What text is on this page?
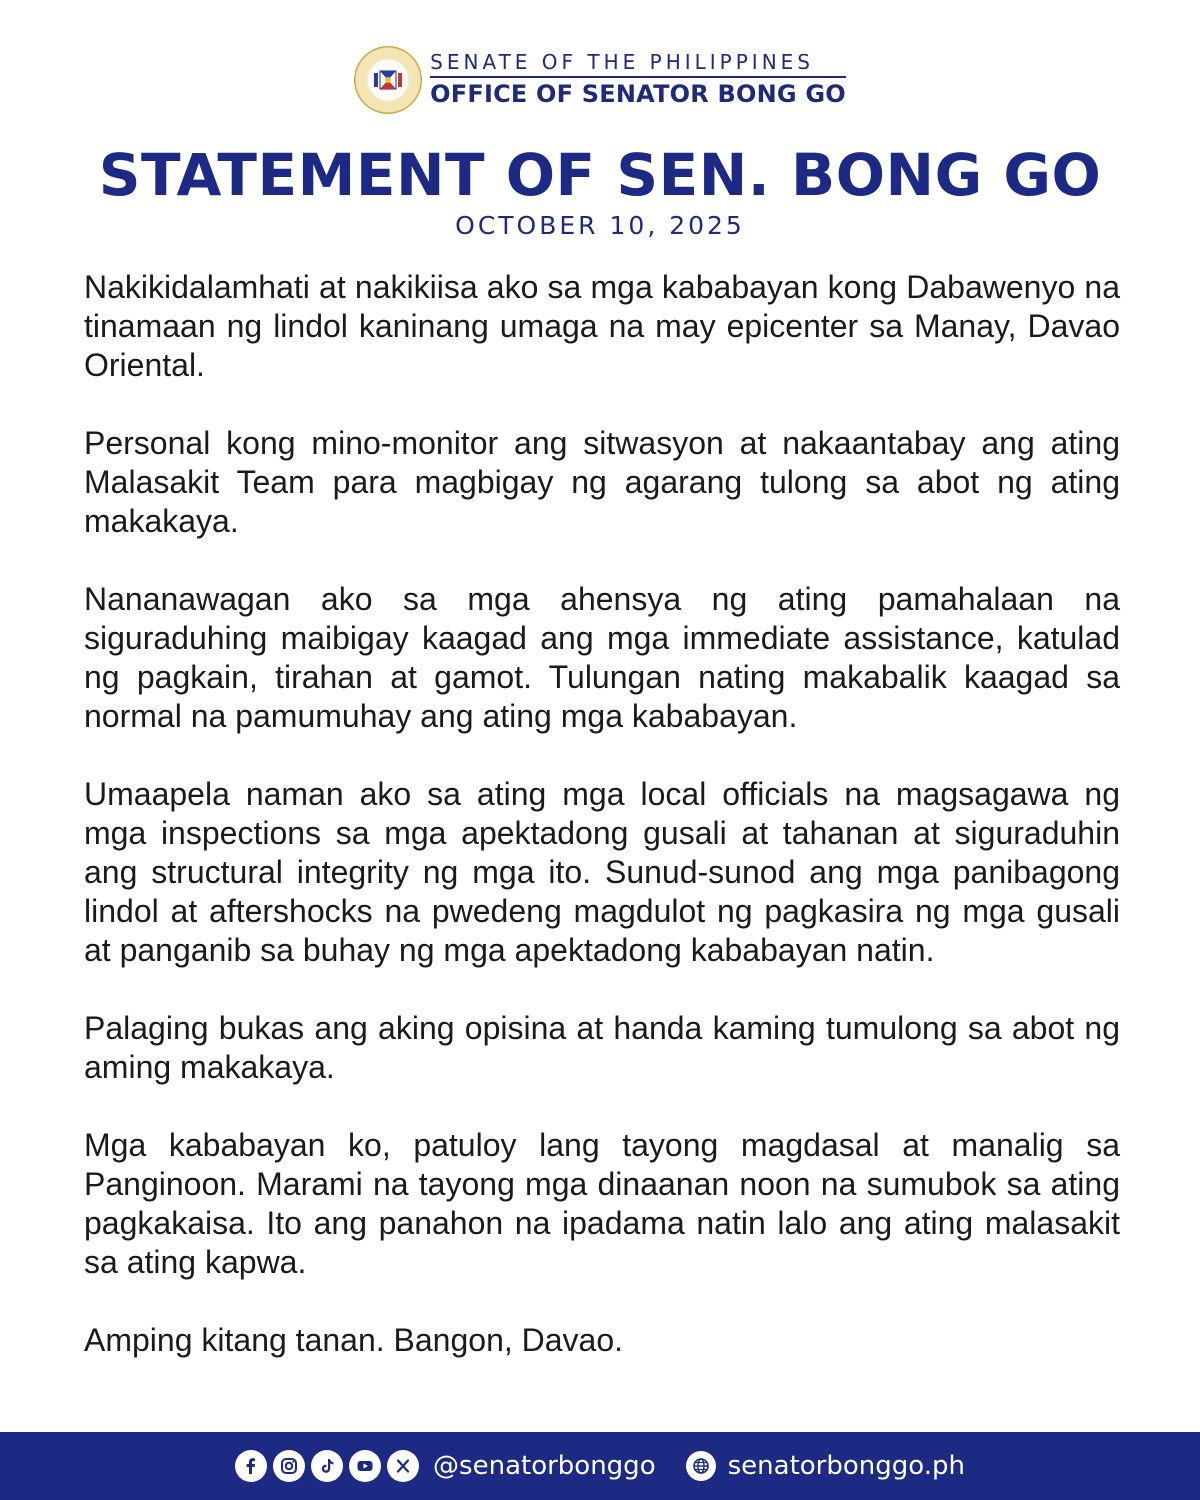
SENATE OF THE PHILIPPINES
OFFICE OF SENATOR BONG GO
STATEMENT OF SEN. BONG GO
OCTOBER 10, 2025

Nakikidalamhati at nakikiisa ako sa mga kababayan kong Dabawenyo na tinamaan ng lindol kaninang umaga na may epicenter sa Manay, Davao Oriental.

Personal kong mino-monitor ang sitwasyon at nakaantabay ang ating Malasakit Team para magbigay ng agarang tulong sa abot ng ating makakaya.

Nananawagan ako sa mga ahensya ng ating pamahalaan na siguraduhing maibigay kaagad ang mga immediate assistance, katulad ng pagkain, tirahan at gamot. Tulungan nating makabalik kaagad sa normal na pamumuhay ang ating mga kababayan.

Umaapela naman ako sa ating mga local officials na magsagawa ng mga inspections sa mga apektadong gusali at tahanan at siguraduhin ang structural integrity ng mga ito. Sunud-sunod ang mga panibagong lindol at aftershocks na pwedeng magdulot ng pagkasira ng mga gusali at panganib sa buhay ng mga apektadong kababayan natin.

Palaging bukas ang aking opisina at handa kaming tumulong sa abot ng aming makakaya.

Mga kababayan ko, patuloy lang tayong magdasal at manalig sa Panginoon. Marami na tayong mga dinaanan noon na sumubok sa ating pagkakaisa. Ito ang panahon na ipadama natin lalo ang ating malasakit sa ating kapwa.

Amping kitang tanan. Bangon, Davao.

@senatorbonggo	senatorbonggo.ph
